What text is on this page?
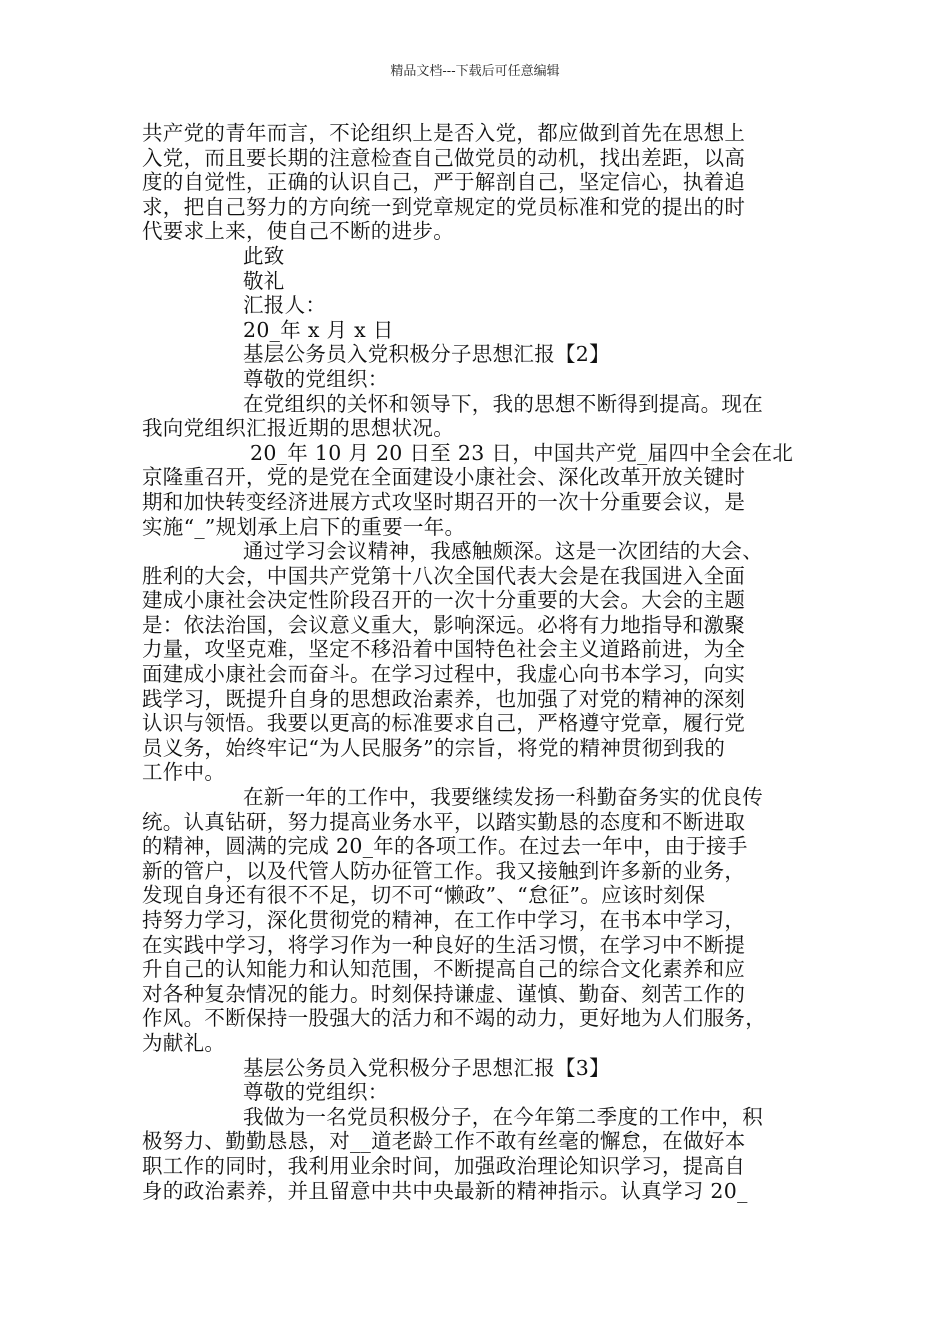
精品文档---下载后可任意编辑
共产党的青年而言，不论组织上是否入党，都应做到首先在思想上
入党，而且要长期的注意检查自己做党员的动机，找出差距，以高
度的自觉性，正确的认识自己，严于解剖自己，坚定信心，执着追
求，把自己努力的方向统一到党章规定的党员标准和党的提出的时
代要求上来，使自己不断的进步。
此致
敬礼
汇报人：
20_年 x 月 x 日
基层公务员入党积极分子思想汇报【2】
尊敬的党组织：
在党组织的关怀和领导下，我的思想不断得到提高。现在
我向党组织汇报近期的思想状况。
20_年 10 月 20 日至 23 日，中国共产党_届四中全会在北
京隆重召开，党的是党在全面建设小康社会、深化改革开放关键时
期和加快转变经济进展方式攻坚时期召开的一次十分重要会议，是
实施“_”规划承上启下的重要一年。
通过学习会议精神，我感触颇深。这是一次团结的大会、
胜利的大会，中国共产党第十八次全国代表大会是在我国进入全面
建成小康社会决定性阶段召开的一次十分重要的大会。大会的主题
是：依法治国，会议意义重大，影响深远。必将有力地指导和激聚
力量，攻坚克难，坚定不移沿着中国特色社会主义道路前进，为全
面建成小康社会而奋斗。在学习过程中，我虚心向书本学习，向实
践学习，既提升自身的思想政治素养，也加强了对党的精神的深刻
认识与领悟。我要以更高的标准要求自己，严格遵守党章，履行党
员义务，始终牢记“为人民服务”的宗旨，将党的精神贯彻到我的
工作中。
在新一年的工作中，我要继续发扬一科勤奋务实的优良传
统。认真钻研，努力提高业务水平，以踏实勤恳的态度和不断进取
的精神，圆满的完成 20_年的各项工作。在过去一年中，由于接手
新的管户，以及代管人防办征管工作。我又接触到许多新的业务，
发现自身还有很不不足，切不可“懒政”、“怠征”。应该时刻保
持努力学习，深化贯彻党的精神，在工作中学习，在书本中学习，
在实践中学习，将学习作为一种良好的生活习惯，在学习中不断提
升自己的认知能力和认知范围，不断提高自己的综合文化素养和应
对各种复杂情况的能力。时刻保持谦虚、谨慎、勤奋、刻苦工作的
作风。不断保持一股强大的活力和不竭的动力，更好地为人们服务，
为献礼。
基层公务员入党积极分子思想汇报【3】
尊敬的党组织：
我做为一名党员积极分子，在今年第二季度的工作中，积
极努力、勤勤恳恳，对__道老龄工作不敢有丝毫的懈怠，在做好本
职工作的同时，我利用业余时间，加强政治理论知识学习，提高自
身的政治素养，并且留意中共中央最新的精神指示。认真学习 20_
